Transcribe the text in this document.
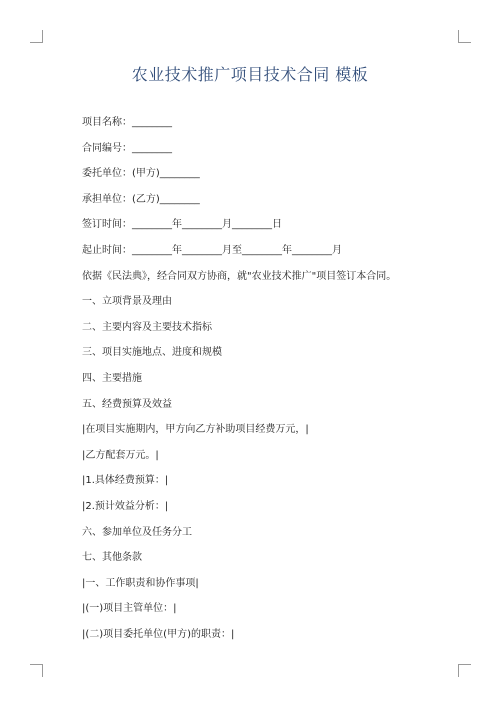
农业技术推广项目技术合同 模板
项目名称：________
合同编号：________
委托单位：(甲方)________
承担单位：(乙方)________
签订时间：________年________月________日
起止时间：________年________月至________年________月
依据《民法典》，经合同双方协商，就"农业技术推广"项目签订本合同。
一、立项背景及理由
二、主要内容及主要技术指标
三、项目实施地点、进度和规模
四、主要措施
五、经费预算及效益
|在项目实施期内，甲方向乙方补助项目经费万元，|
|乙方配套万元。|
|1.具体经费预算：|
|2.预计效益分析：|
六、参加单位及任务分工
七、其他条款
|一、工作职责和协作事项|
|(一)项目主管单位：|
|(二)项目委托单位(甲方)的职责：|
